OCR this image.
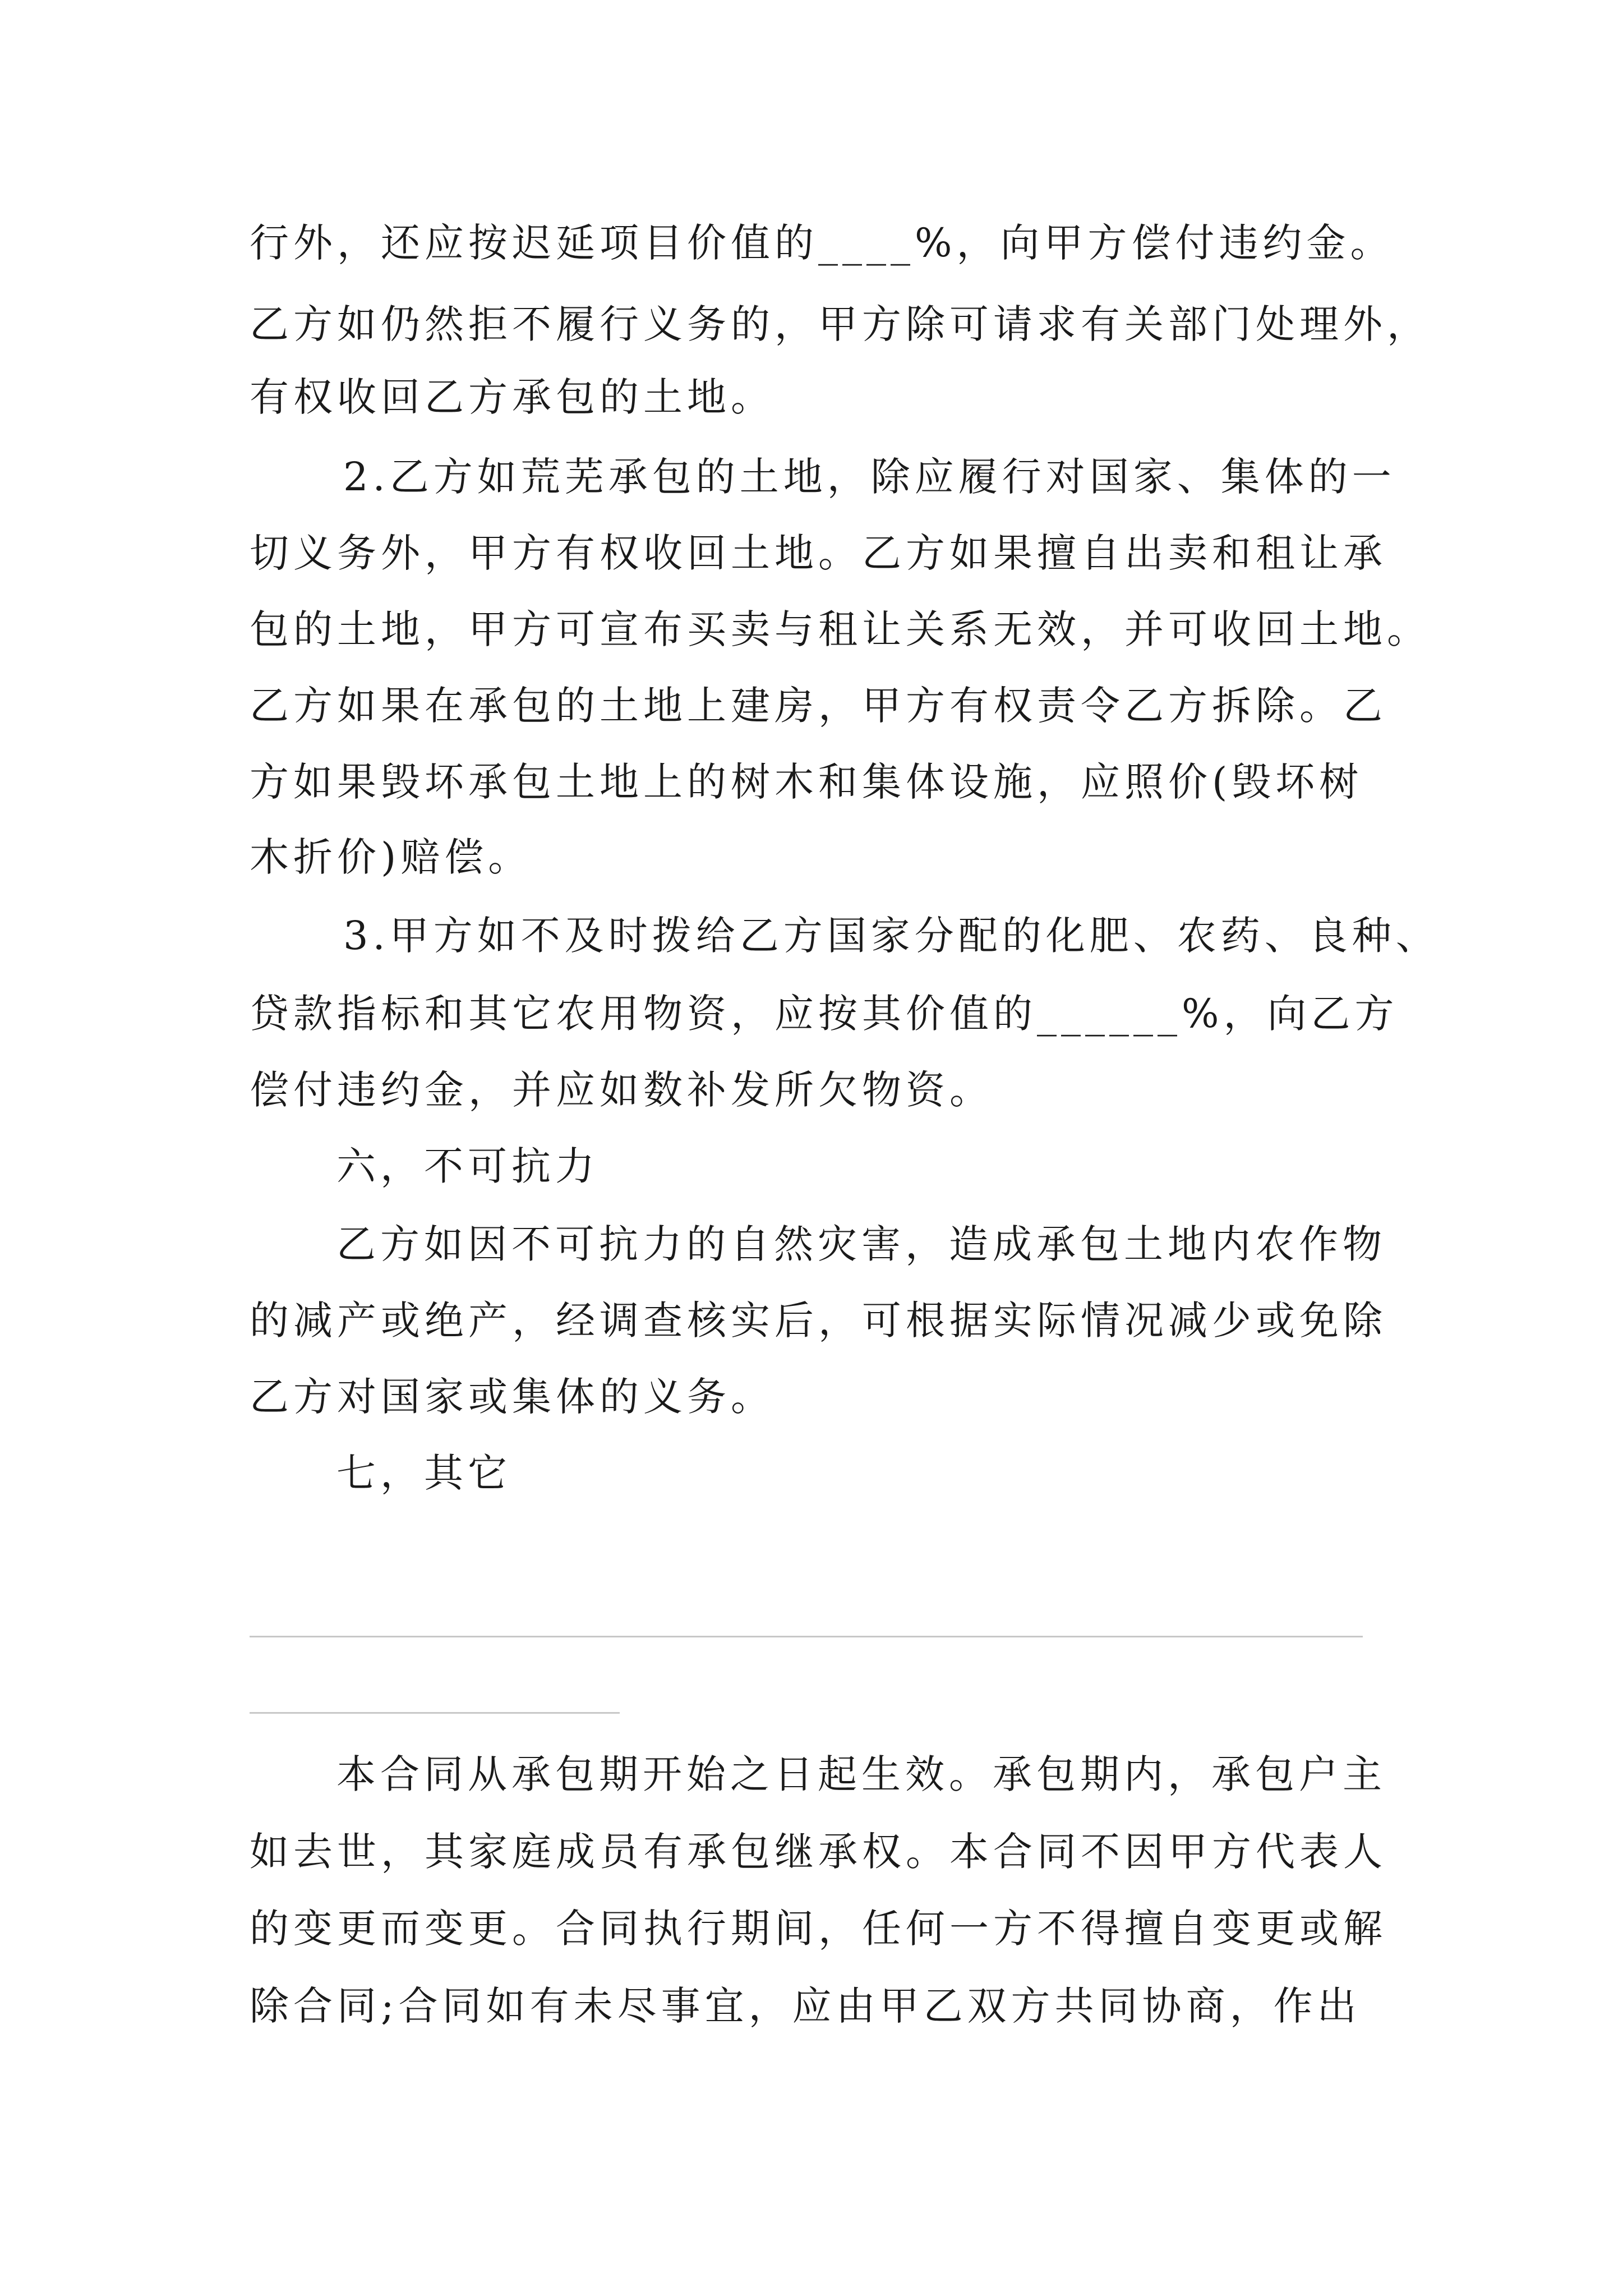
行外，还应按迟延项目价值的____%，向甲方偿付违约金。
乙方如仍然拒不履行义务的，甲方除可请求有关部门处理外，
有权收回乙方承包的土地。
2.乙方如荒芜承包的土地，除应履行对国家、集体的一
切义务外，甲方有权收回土地。乙方如果擅自出卖和租让承
包的土地，甲方可宣布买卖与租让关系无效，并可收回土地。
乙方如果在承包的土地上建房，甲方有权责令乙方拆除。乙
方如果毁坏承包土地上的树木和集体设施，应照价(毁坏树
木折价)赔偿。
3.甲方如不及时拨给乙方国家分配的化肥、农药、良种、
贷款指标和其它农用物资，应按其价值的______%，向乙方
偿付违约金，并应如数补发所欠物资。
六，不可抗力
乙方如因不可抗力的自然灾害，造成承包土地内农作物
的减产或绝产，经调查核实后，可根据实际情况减少或免除
乙方对国家或集体的义务。
七，其它
本合同从承包期开始之日起生效。承包期内，承包户主
如去世，其家庭成员有承包继承权。本合同不因甲方代表人
的变更而变更。合同执行期间，任何一方不得擅自变更或解
除合同;合同如有未尽事宜，应由甲乙双方共同协商，作出
